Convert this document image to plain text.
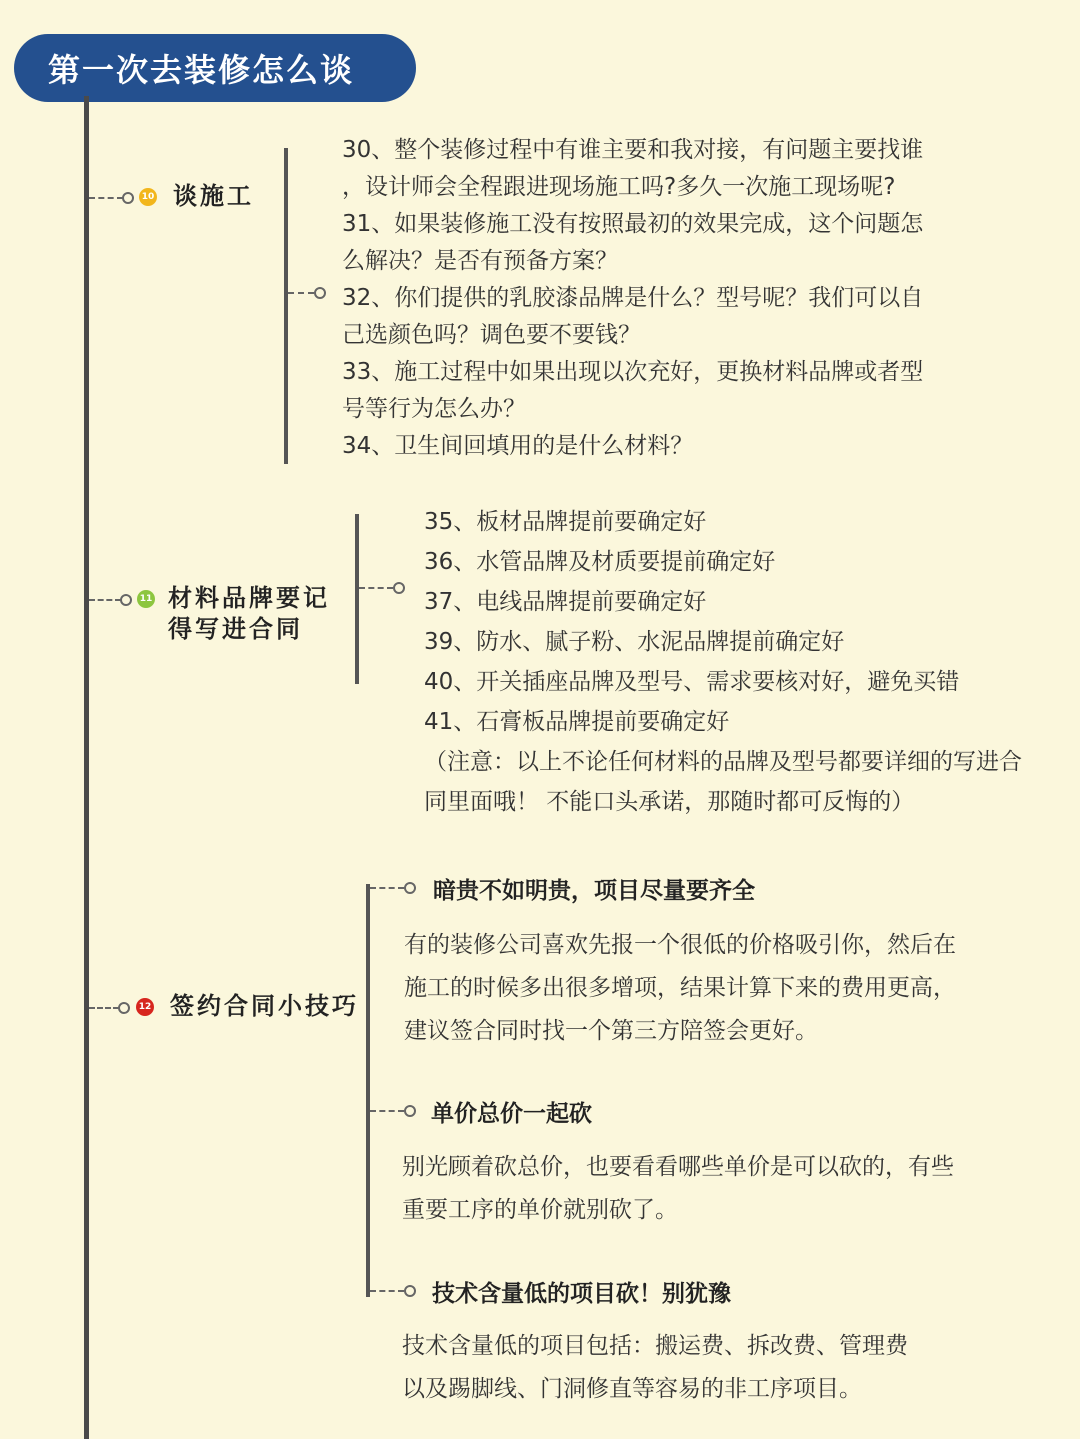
第一次去装修怎么谈
10 谈施工
30、整个装修过程中有谁主要和我对接，有问题主要找谁
，设计师会全程跟进现场施工吗?多久一次施工现场呢?
31、如果装修施工没有按照最初的效果完成，这个问题怎
么解决？是否有预备方案？
32、你们提供的乳胶漆品牌是什么？型号呢？我们可以自
己选颜色吗？调色要不要钱？
33、施工过程中如果出现以次充好，更换材料品牌或者型
号等行为怎么办？
34、卫生间回填用的是什么材料？
11 材料品牌要记
得写进合同
35、板材品牌提前要确定好
36、水管品牌及材质要提前确定好
37、电线品牌提前要确定好
39、防水、腻子粉、水泥品牌提前确定好
40、开关插座品牌及型号、需求要核对好，避免买错
41、石膏板品牌提前要确定好
（注意：以上不论任何材料的品牌及型号都要详细的写进合
同里面哦！ 不能口头承诺，那随时都可反悔的）
12 签约合同小技巧
暗贵不如明贵，项目尽量要齐全
有的装修公司喜欢先报一个很低的价格吸引你，然后在
施工的时候多出很多增项，结果计算下来的费用更高，
建议签合同时找一个第三方陪签会更好。
单价总价一起砍
别光顾着砍总价，也要看看哪些单价是可以砍的，有些
重要工序的单价就别砍了。
技术含量低的项目砍！别犹豫
技术含量低的项目包括：搬运费、拆改费、管理费
以及踢脚线、门洞修直等容易的非工序项目。
